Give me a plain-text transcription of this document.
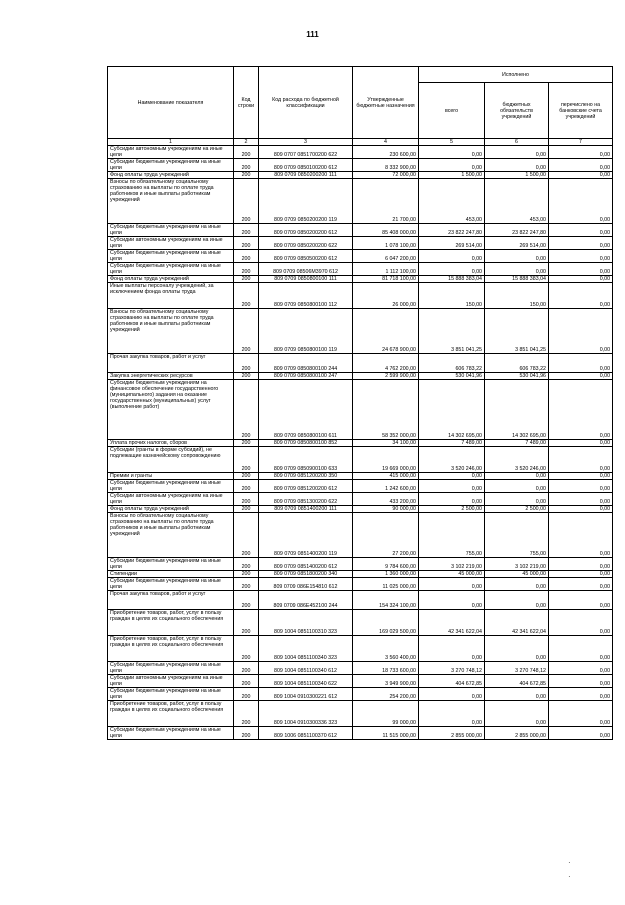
111
Наименование показателя	Код строки	Код расхода по бюджетной классификации	Утвержденные бюджетные назначения	Исполнено		
				всего	бюджетных обязательств учреждений	перечислено на банковские счета учреждений
1	2	3	4	5	6	7
Субсидии автономным учреждениям на иные цели	200	809 0707 0851700200 622	230 600,00	0,00	0,00	0,00
Субсидии бюджетным учреждениям на иные цели	200	809 0709 0850100200 612	8 332 900,00	0,00	0,00	0,00
Фонд оплаты труда учреждений	200	809 0709 0850200200 111	72 000,00	1 500,00	1 500,00	0,00
Взносы по обязательному социальному страхованию на выплаты по оплате труда работников и иные выплаты работникам учреждений	200	809 0709 0850200200 119	21 700,00	453,00	453,00	0,00
Субсидии бюджетным учреждениям на иные цели	200	809 0709 0850200200 612	85 408 000,00	23 822 247,80	23 822 247,80	0,00
Субсидии автономным учреждениям на иные цели	200	809 0709 0850200200 622	1 078 100,00	269 514,00	269 514,00	0,00
Субсидии бюджетным учреждениям на иные цели	200	809 0709 0850500200 612	6 047 200,00	0,00	0,00	0,00
Субсидии бюджетным учреждениям на иные цели	200	809 0709 08506M3970 612	1 112 100,00	0,00	0,00	0,00
Фонд оплаты труда учреждений	200	809 0709 0850800100 111	81 718 100,00	15 888 383,04	15 888 383,04	0,00
Иные выплаты персоналу учреждений, за исключением фонда оплаты труда	200	809 0709 0850800100 112	26 000,00	150,00	150,00	0,00
Взносы по обязательному социальному страхованию на выплаты по оплате труда работников и иные выплаты работникам учреждений	200	809 0709 0850800100 119	24 678 900,00	3 851 041,25	3 851 041,25	0,00
Прочая закупка товаров, работ и услуг	200	809 0709 0850800100 244	4 762 200,00	606 783,22	606 783,22	0,00
Закупка энергетических ресурсов	200	809 0709 0850800100 247	2 599 900,00	530 041,96	530 041,96	0,00
Субсидии бюджетным учреждениям на финансовое обеспечение государственного (муниципального) задания на оказание государственных (муниципальных) услуг (выполнение работ)	200	809 0709 0850800100 611	58 352 000,00	14 302 695,00	14 302 695,00	0,00
Уплата прочих налогов, сборов	200	809 0709 0850800100 852	34 100,00	7 489,00	7 489,00	0,00
Субсидии (гранты в форме субсидий), не подлежащие казначейскому сопровождению	200	809 0709 0850900100 633	19 669 000,00	3 520 246,00	3 520 246,00	0,00
Премии и гранты	200	809 0709 0851200200 350	415 000,00	0,00	0,00	0,00
Субсидии бюджетным учреждениям на иные цели	200	809 0709 0851200200 612	1 242 600,00	0,00	0,00	0,00
Субсидии автономным учреждениям на иные цели	200	809 0709 0851300200 622	433 200,00	0,00	0,00	0,00
Фонд оплаты труда учреждений	200	809 0709 0851400200 111	90 000,00	2 500,00	2 500,00	0,00
Взносы по обязательному социальному страхованию на выплаты по оплате труда работников и иные выплаты работникам учреждений	200	809 0709 0851400200 119	27 200,00	755,00	755,00	0,00
Субсидии бюджетным учреждениям на иные цели	200	809 0709 0851400200 612	9 784 600,00	3 102 219,00	3 102 219,00	0,00
Стипендии	200	809 0709 0851800200 340	1 360 000,00	45 000,00	45 000,00	0,00
Субсидии бюджетным учреждениям на иные цели	200	809 0709 086E154810 612	11 025 000,00	0,00	0,00	0,00
Прочая закупка товаров, работ и услуг	200	809 0709 086E452100 244	154 324 100,00	0,00	0,00	0,00
Приобретение товаров, работ, услуг в пользу граждан в целях их социального обеспечения	200	809 1004 0851100310 323	169 029 500,00	42 341 622,04	42 341 622,04	0,00
Приобретение товаров, работ, услуг в пользу граждан в целях их социального обеспечения	200	809 1004 0851100340 323	3 560 400,00	0,00	0,00	0,00
Субсидии бюджетным учреждениям на иные цели	200	809 1004 0851100340 612	18 733 600,00	3 270 748,12	3 270 748,12	0,00
Субсидии автономным учреждениям на иные цели	200	809 1004 0851100340 622	3 949 900,00	404 672,85	404 672,85	0,00
Субсидии бюджетным учреждениям на иные цели	200	809 1004 0910300221 612	254 200,00	0,00	0,00	0,00
Приобретение товаров, работ, услуг в пользу граждан в целях их социального обеспечения	200	809 1004 0910300336 323	99 000,00	0,00	0,00	0,00
Субсидии бюджетным учреждениям на иные цели	200	809 1006 0851100370 612	11 515 000,00	2 855 000,00	2 855 000,00	0,00
·
·
